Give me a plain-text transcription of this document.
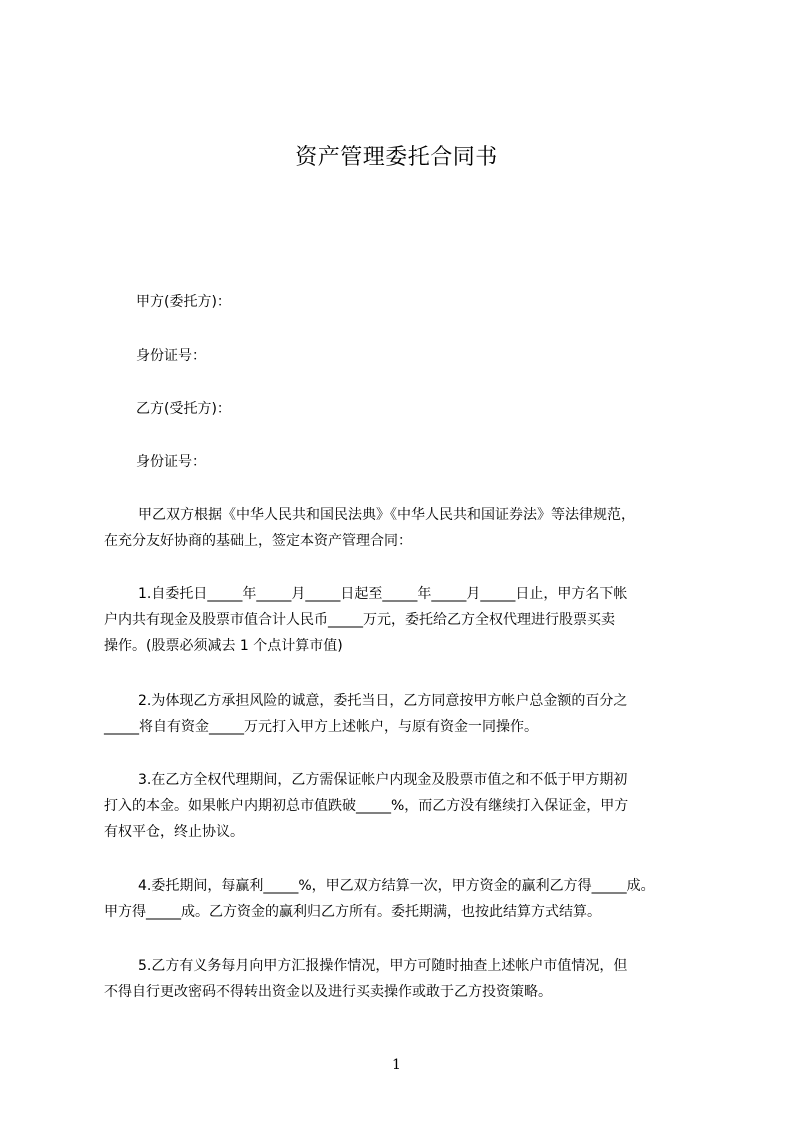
资产管理委托合同书
甲方(委托方)：
身份证号：
乙方(受托方)：
身份证号：
甲乙双方根据《中华人民共和国民法典》《中华人民共和国证券法》等法律规范，
在充分友好协商的基础上，签定本资产管理合同：
1.自委托日_____年_____月_____日起至_____年_____月_____日止，甲方名下帐
户内共有现金及股票市值合计人民币_____万元，委托给乙方全权代理进行股票买卖
操作。(股票必须减去 1 个点计算市值)
2.为体现乙方承担风险的诚意，委托当日，乙方同意按甲方帐户总金额的百分之
_____将自有资金_____万元打入甲方上述帐户，与原有资金一同操作。
3.在乙方全权代理期间，乙方需保证帐户内现金及股票市值之和不低于甲方期初
打入的本金。如果帐户内期初总市值跌破_____%，而乙方没有继续打入保证金，甲方
有权平仓，终止协议。
4.委托期间，每赢利_____%，甲乙双方结算一次，甲方资金的赢利乙方得_____成。
甲方得_____成。乙方资金的赢利归乙方所有。委托期满，也按此结算方式结算。
5.乙方有义务每月向甲方汇报操作情况，甲方可随时抽查上述帐户市值情况，但
不得自行更改密码不得转出资金以及进行买卖操作或敢于乙方投资策略。
1
